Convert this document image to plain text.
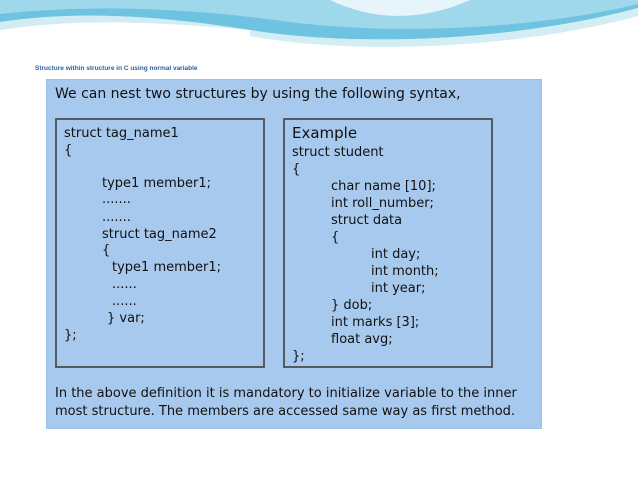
Structure within structure in C using normal variable
We can nest two structures by using the following syntax,
struct tag_name1
{
type1 member1;
.......
.......
struct tag_name2
{
type1 member1;
......
......
} var;
};
Example
struct student
{
char name [10];
int roll_number;
struct data
{
int day;
int month;
int year;
} dob;
int marks [3];
float avg;
};
In the above definition it is mandatory to initialize variable to the inner
most structure. The members are accessed same way as first method.
